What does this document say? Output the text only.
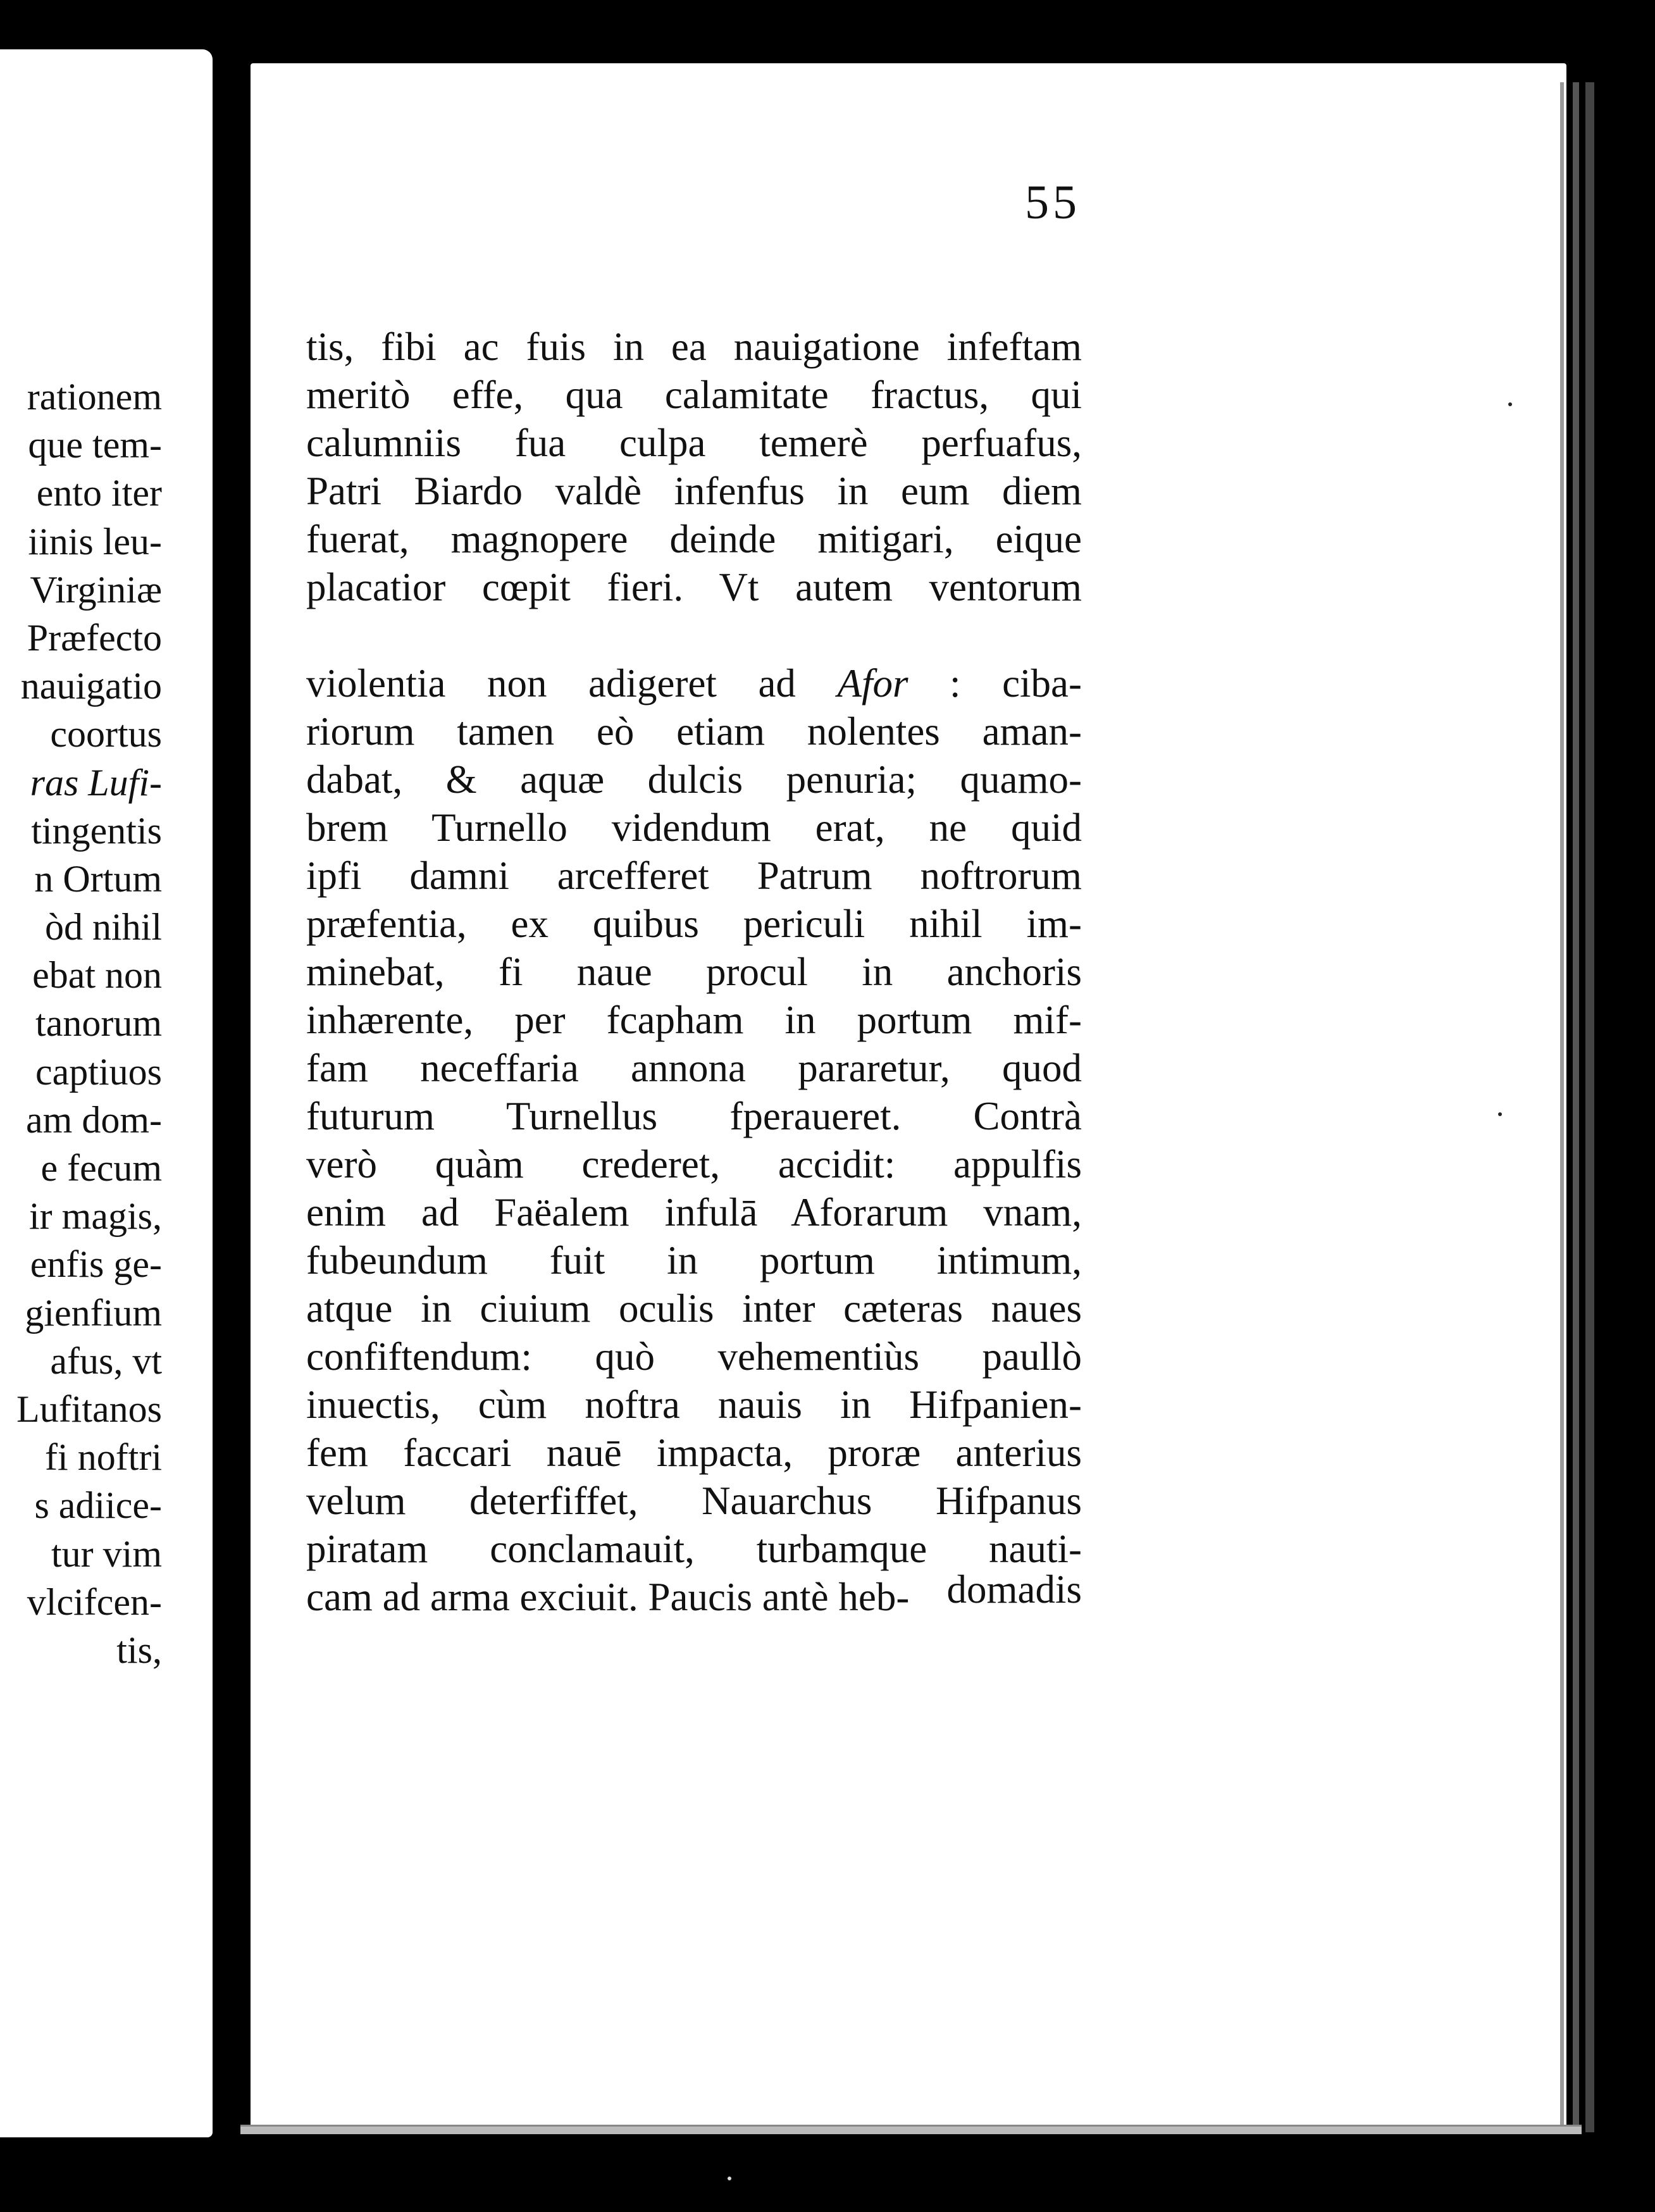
rationem
que tem-
ento iter
iinis leu-
Virginiæ
Præfecto
nauigatio
coortus
ras Lufi-
tingentis
n Ortum
òd nihil
ebat non
tanorum
captiuos
am dom-
e fecum
ir magis,
enfis ge-
gienfium
afus, vt
Lufitanos
fi noftri
s adiice-
tur vim
vlcifcen-
tis,
55
tis, fibi ac fuis in ea nauigatione infeftam
meritò effe, qua calamitate fractus, qui
calumniis fua culpa temerè perfuafus,
Patri Biardo valdè infenfus in eum diem
fuerat, magnopere deinde mitigari, eique
placatior cœpit fieri. Vt autem ventorum
violentia non adigeret ad Afor : ciba-
riorum tamen eò etiam nolentes aman-
dabat, & aquæ dulcis penuria; quamo-
brem Turnello videndum erat, ne quid
ipfi damni arcefferet Patrum noftrorum
præfentia, ex quibus periculi nihil im-
minebat, fi naue procul in anchoris
inhærente, per fcapham in portum mif-
fam neceffaria annona pararetur, quod
futurum Turnellus fperaueret. Contrà
verò quàm crederet, accidit: appulfis
enim ad Faëalem infulā Aforarum vnam,
fubeundum fuit in portum intimum,
atque in ciuium oculis inter cæteras naues
confiftendum: quò vehementiùs paullò
inuectis, cùm noftra nauis in Hifpanien-
fem faccari nauē impacta, proræ anterius
velum deterfiffet, Nauarchus Hifpanus
piratam conclamauit, turbamque nauti-
cam ad arma exciuit. Paucis antè heb- domadis
